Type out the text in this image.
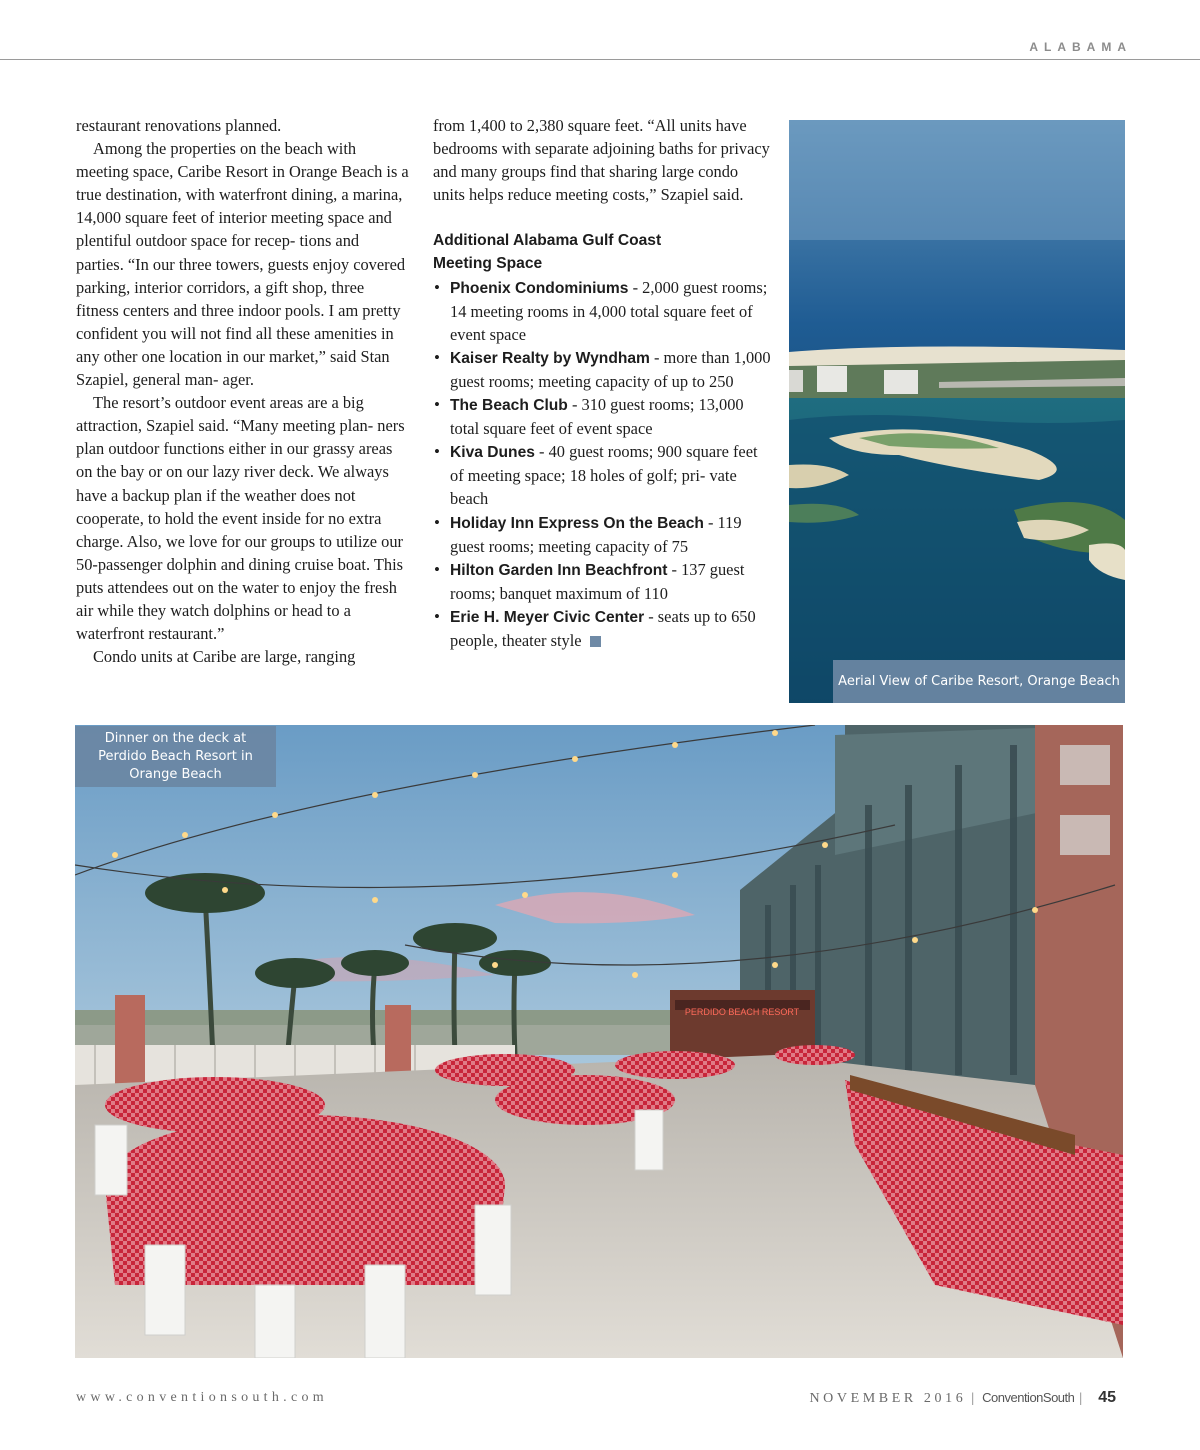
ALABAMA

restaurant renovations planned.

Among the properties on the beach with meeting space, Caribe Resort in Orange Beach is a true destination, with waterfront dining, a marina, 14,000 square feet of interior meeting space and plentiful outdoor space for recep- tions and parties. “In our three towers, guests enjoy covered parking, interior corridors, a gift shop, three fitness centers and three indoor pools. I am pretty confident you will not find all these amenities in any other one location in our market,” said Stan Szapiel, general man- ager.

The resort’s outdoor event areas are a big attraction, Szapiel said. “Many meeting plan- ners plan outdoor functions either in our grassy areas on the bay or on our lazy river deck. We always have a backup plan if the weather does not cooperate, to hold the event inside for no extra charge. Also, we love for our groups to utilize our 50-passenger dolphin and dining cruise boat. This puts attendees out on the water to enjoy the fresh air while they watch dolphins or head to a waterfront restaurant.”

Condo units at Caribe are large, ranging

from 1,400 to 2,380 square feet. “All units have bedrooms with separate adjoining baths for privacy and many groups find that sharing large condo units helps reduce meeting costs,” Szapiel said.

Additional Alabama Gulf Coast
Meeting Space

• Phoenix Condominiums - 2,000 guest rooms; 14 meeting rooms in 4,000 total square feet of event space
• Kaiser Realty by Wyndham - more than 1,000 guest rooms; meeting capacity of up to 250
• The Beach Club - 310 guest rooms; 13,000 total square feet of event space
• Kiva Dunes - 40 guest rooms; 900 square feet of meeting space; 18 holes of golf; pri- vate beach
• Holiday Inn Express On the Beach - 119 guest rooms; meeting capacity of 75
• Hilton Garden Inn Beachfront - 137 guest rooms; banquet maximum of 110
• Erie H. Meyer Civic Center - seats up to 650 people, theater style
Aerial View of Caribe Resort, Orange Beach
PERDIDO BEACH RESORT
Dinner on the deck at Perdido Beach Resort in Orange Beach
www.conventionsouth.com	NOVEMBER 2016 | ConventionSouth | 45
